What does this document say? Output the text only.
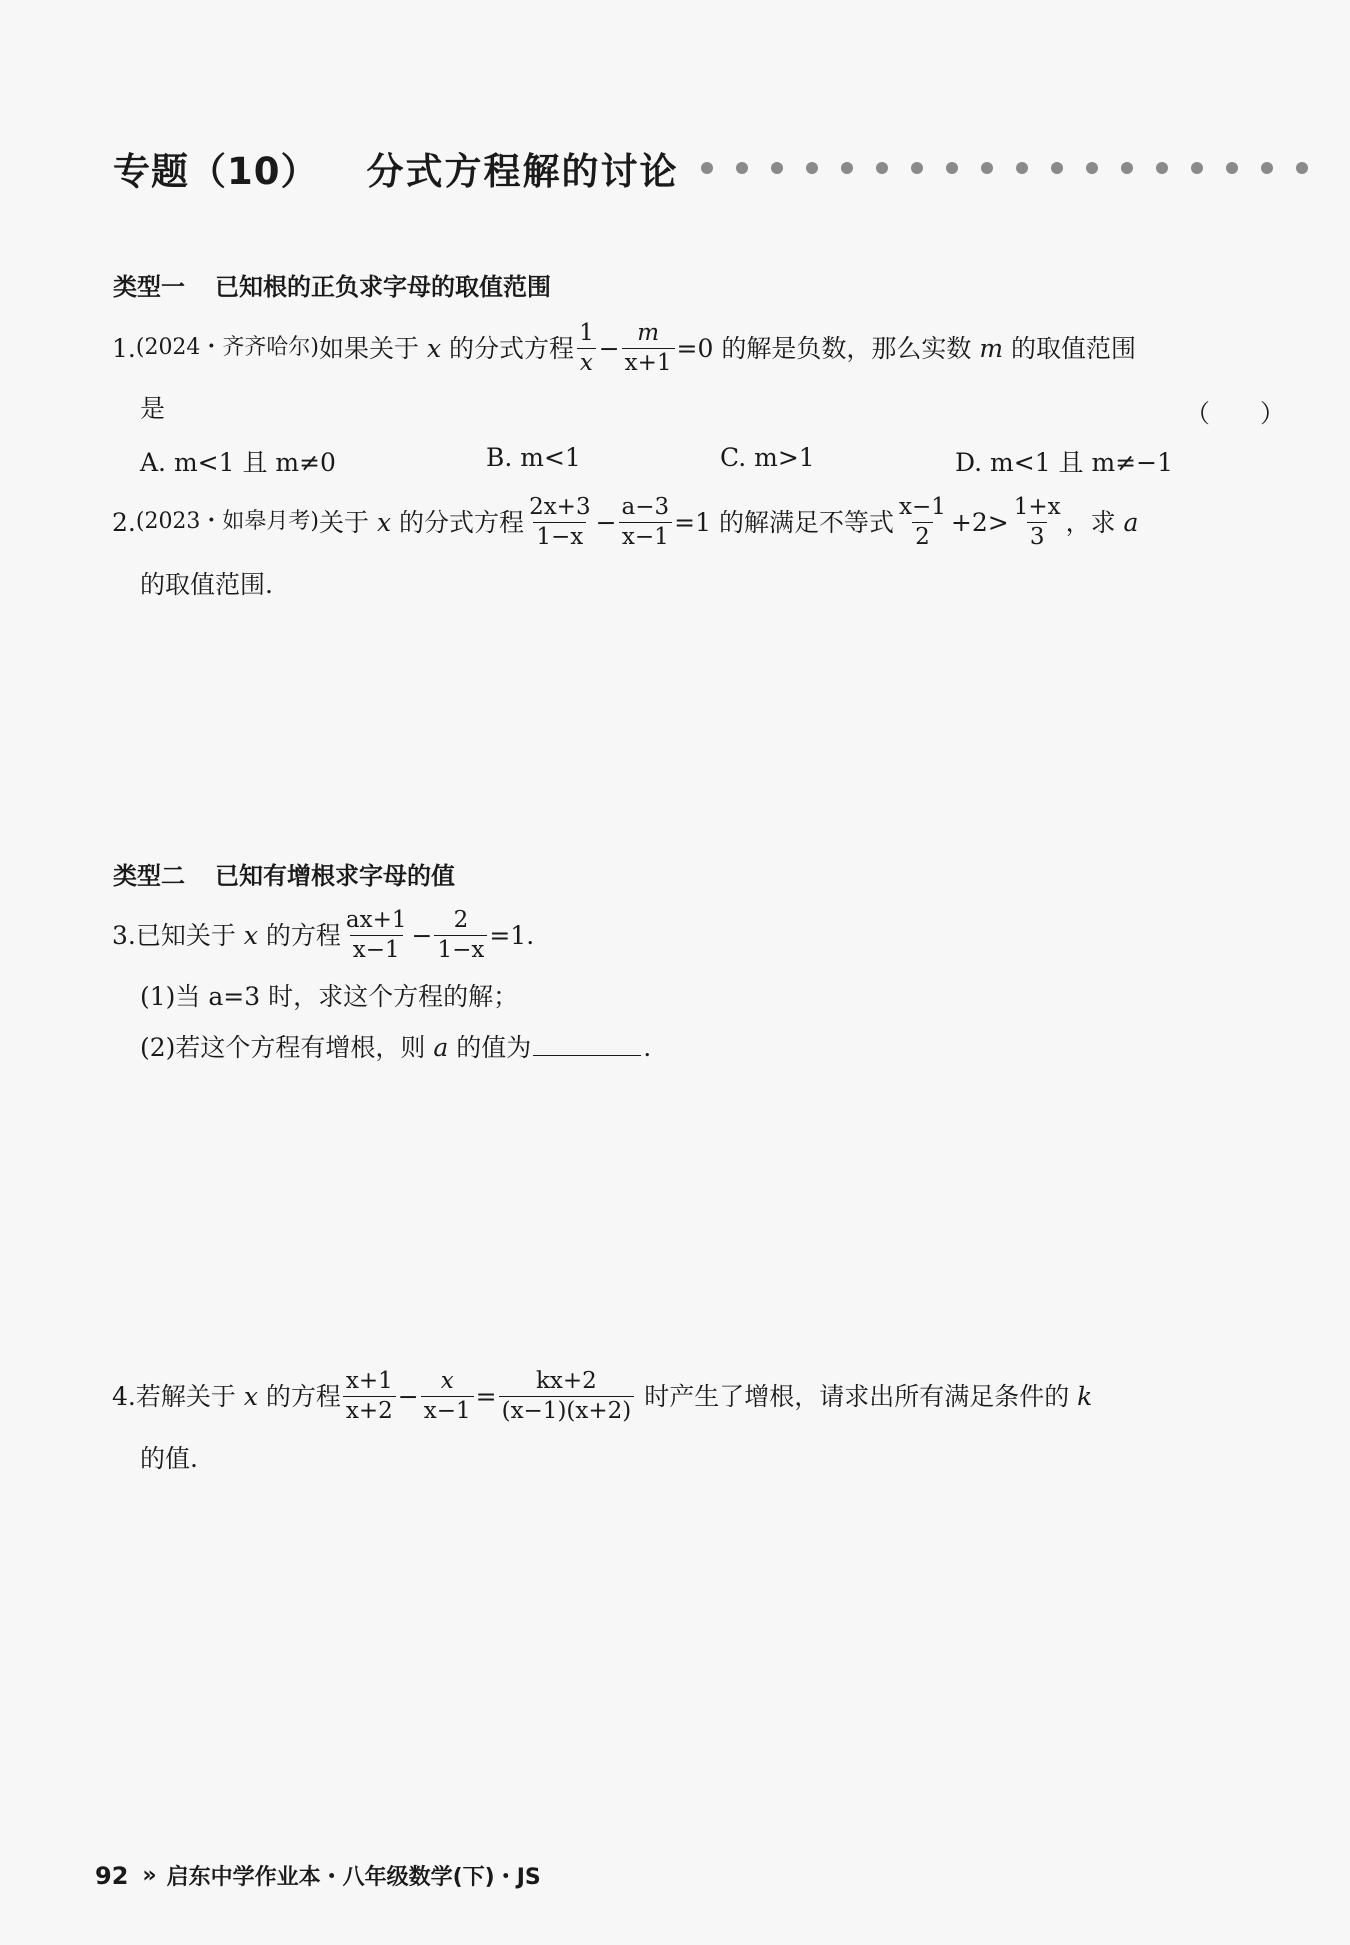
专题（10） 分式方程解的讨论
类型一 已知根的正负求字母的取值范围
1. (2024・齐齐哈尔) 如果关于
x
的分式方程 $\frac{1}{x} - \frac{m}{x+1} =0$
的解是负数，那么实数
m
的取值范围
是	（　　）
A. m<1 且 m≠0	B. m<1	C. m>1	D. m<1 且 m≠−1
2. (2023・如皋月考) 关于
x
的分式方程 $\frac{2x+3}{1-x} - \frac{a-3}{x-1} =1$
的解满足不等式 $\frac{x-1}{2} +2> \frac{1+x}{3}$ ，求
a
的取值范围.
类型二 已知有增根求字母的值
3. 已知关于
x
的方程 $\frac{ax+1}{x-1} - \frac{2}{1-x} =1$.
(1)当 a=3 时，求这个方程的解；
(2)若这个方程有增根，则 a 的值为	.
4. 若解关于
x
的方程 $\frac{x+1}{x+2} - \frac{x}{x-1} = \frac{kx+2}{(x-1)(x+2)}$
时产生了增根，请求出所有满足条件的
k
的值.
92 » 启东中学作业本・八年级数学(下)・JS
